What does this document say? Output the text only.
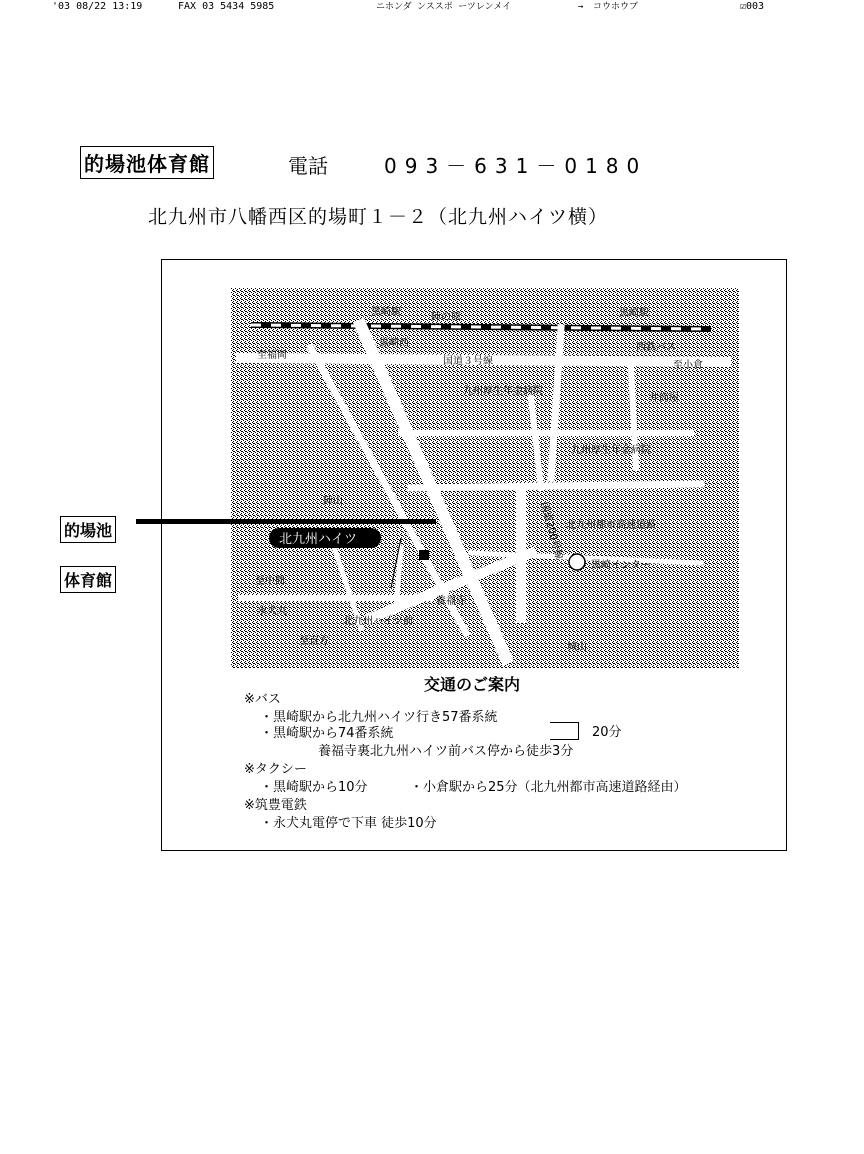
'03 08/22 13:19	FAX 03 5434 5985	ニホンダ ンススポ ーツレンメイ	→ コウホウブ	☑003
的場池体育館	電話	093－631－0180
北九州市八幡西区的場町１－２（北九州ハイツ横）
黒崎駅	陣の原	黒崎駅
至福岡
黒崎西
国道３号線
西鉄バス
至小倉
九州厚生年金病院
井筒屋
九州厚生年金病院
陣山	国道200号線 北九州都市高速道路
黒崎インター
至中間
永犬丸
養福寺
北九州ハイツ前
至直方
城山
北九州ハイツ
的場池
体育館
交通のご案内
※バス
・黒崎駅から北九州ハイツ行き57番系統
・黒崎駅から74番系統	20分
養福寺裏北九州ハイツ前バス停から徒歩3分
※タクシー
・黒崎駅から10分	・小倉駅から25分（北九州都市高速道路経由）
※筑豊電鉄
・永犬丸電停で下車 徒歩10分
